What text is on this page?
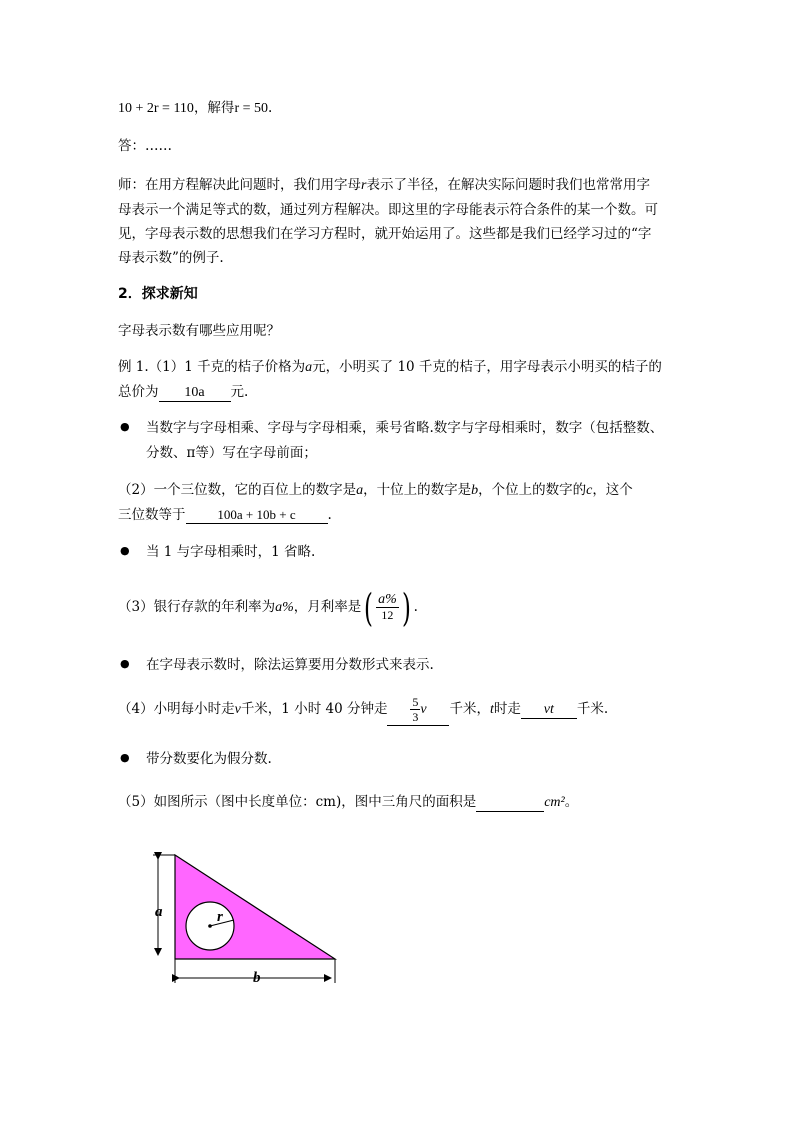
10 + 2r = 110，解得r = 50.
答：……
师：在用方程解决此问题时，我们用字母r表示了半径，在解决实际问题时我们也常常用字
母表示一个满足等式的数，通过列方程解决。即这里的字母能表示符合条件的某一个数。可
见，字母表示数的思想我们在学习方程时，就开始运用了。这些都是我们已经学习过的“字
母表示数”的例子.
2．探求新知
字母表示数有哪些应用呢？
例 1.（1）1 千克的桔子价格为a元，小明买了 10 千克的桔子，用字母表示小明买的桔子的
总价为 10a 元.
● 当数字与字母相乘、字母与字母相乘，乘号省略.数字与字母相乘时，数字（包括整数、
分数、π等）写在字母前面；
（2）一个三位数，它的百位上的数字是a，十位上的数字是b，个位上的数字的c，这个
三位数等于 100a + 10b + c .
● 当 1 与字母相乘时，1 省略.
（3）银行存款的年利率为a%，月利率是( $\frac{a\%}{12}$ ) .
● 在字母表示数时，除法运算要用分数形式来表示.
（4）小明每小时走v千米，1 小时 40 分钟走 $\frac{5}{3}$ v 千米，t时走 vt 千米.
● 带分数要化为假分数.
（5）如图所示（图中长度单位：cm)，图中三角尺的面积是	cm²。
r
a
b
